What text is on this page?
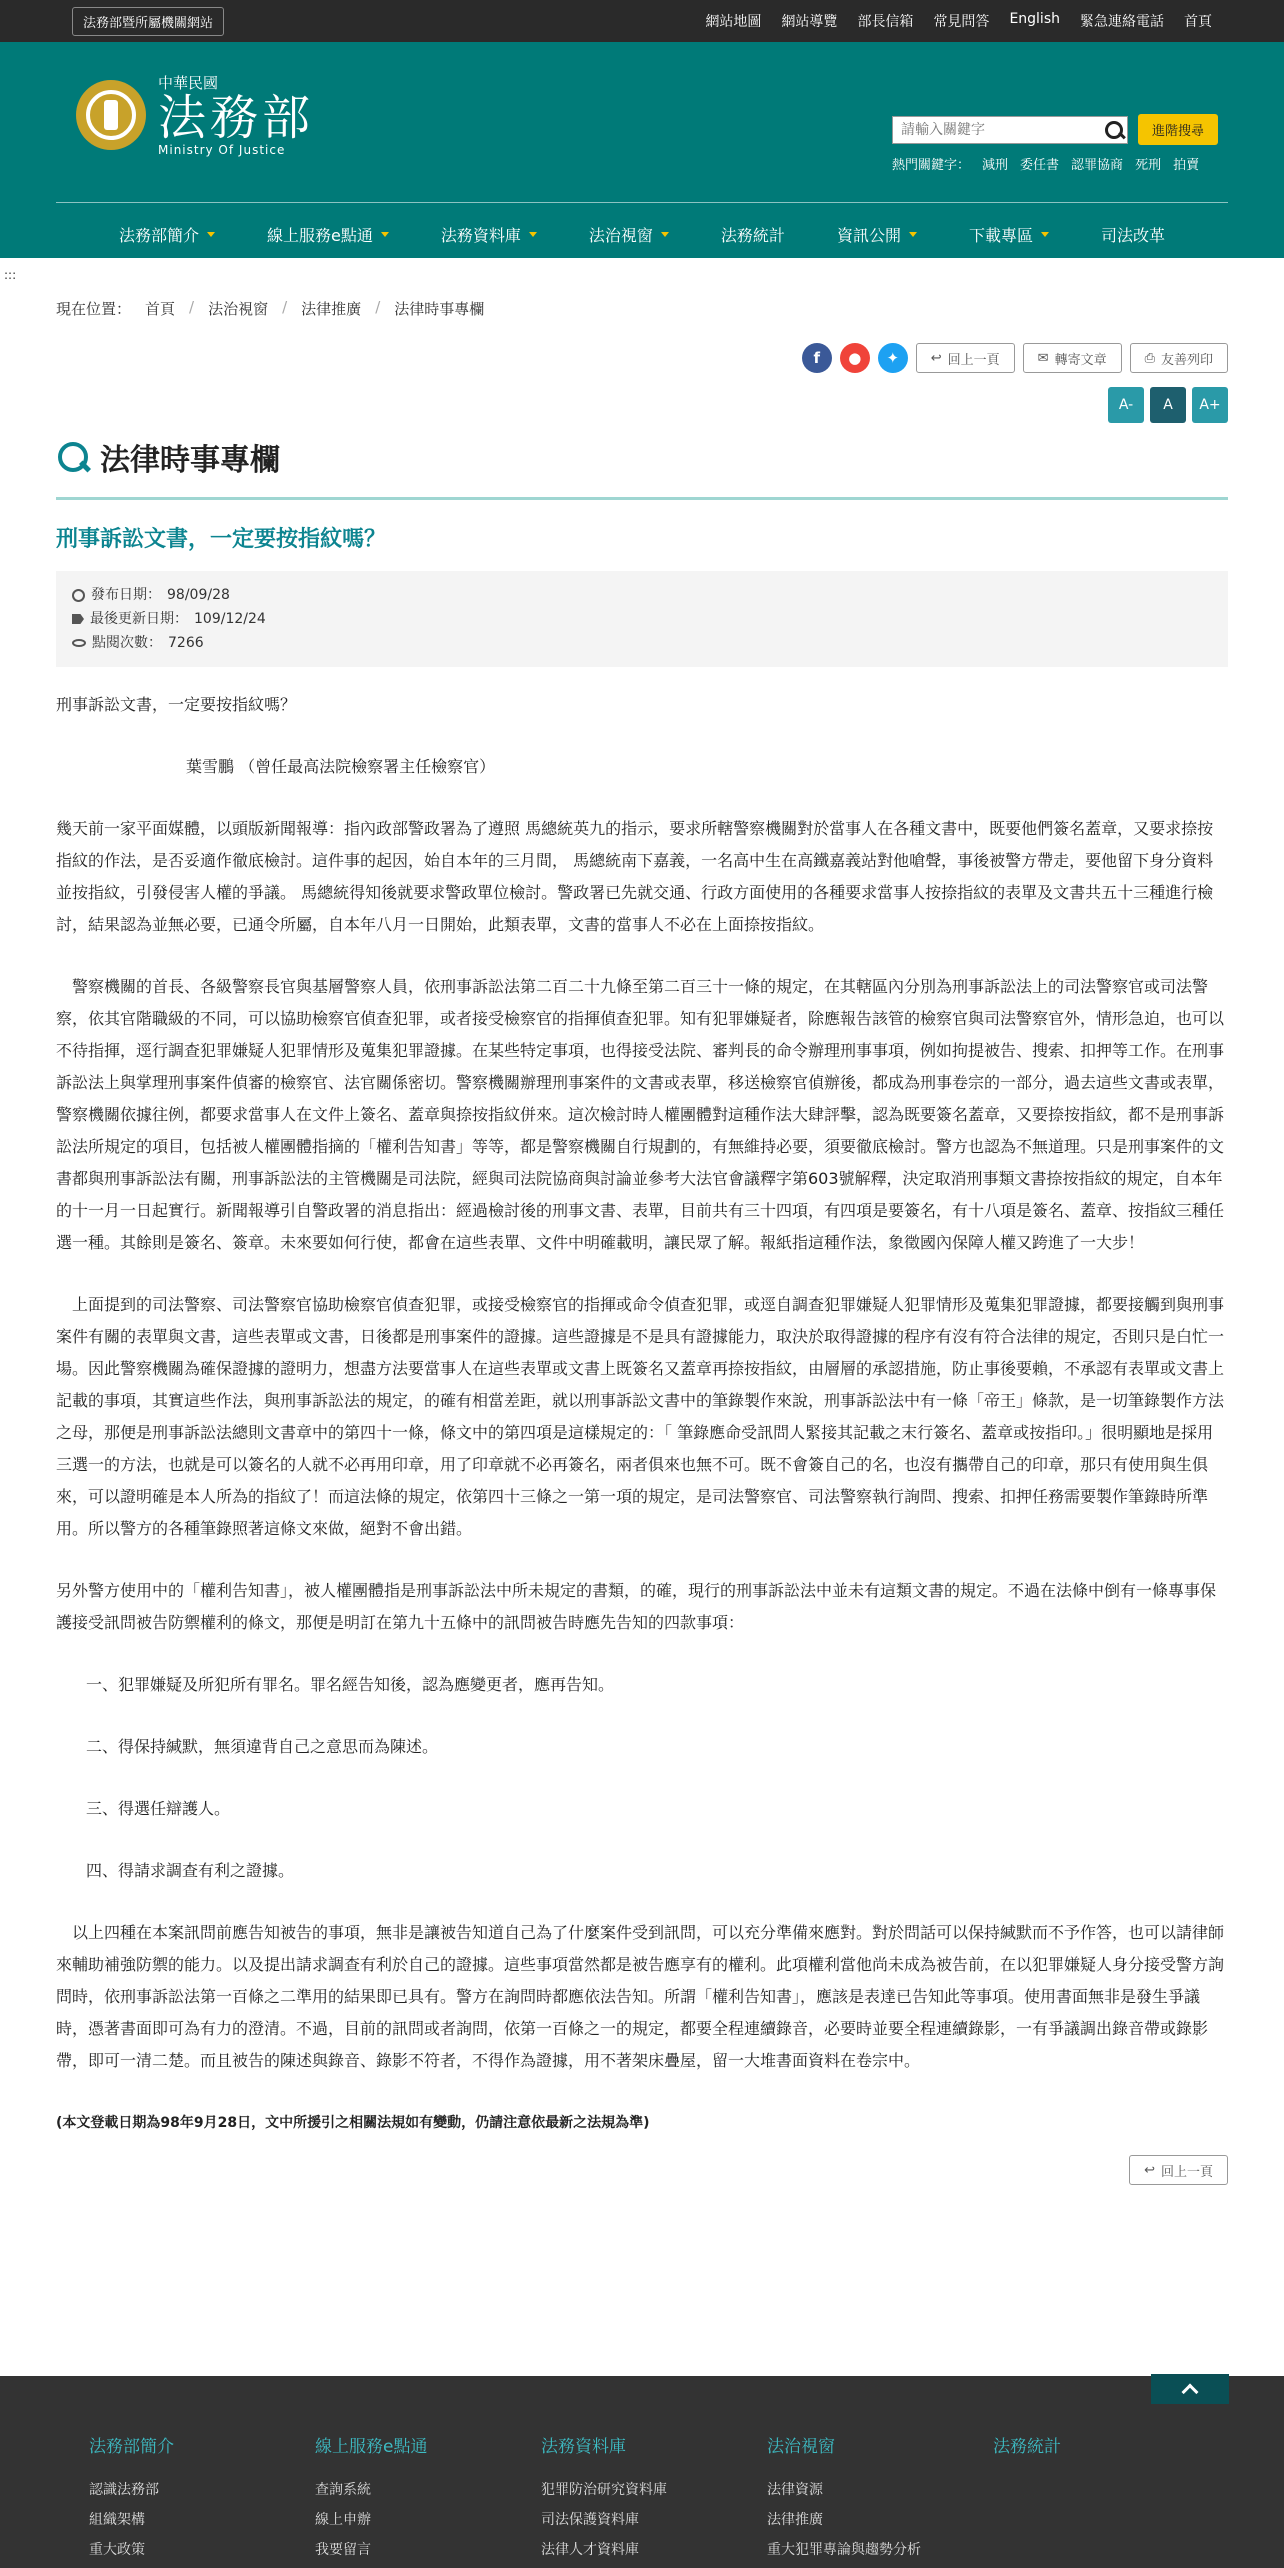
法務部暨所屬機關網站	網站地圖 網站導覽 部長信箱 常見問答 English 緊急連絡電話 首頁
中華民國
法務部
Ministry Of Justice
請輸入關鍵字
進階搜尋
熱門關鍵字： 減刑 委任書 認罪協商 死刑 拍賣
法務部簡介	線上服務e點通	法務資料庫	法治視窗	法務統計	資訊公開	下載專區	司法改革
:::
現在位置： 首頁 / 法治視窗 / 法律推廣 / 法律時事專欄
f	●	✦	↩ 回上一頁	✉ 轉寄文章	⎙ 友善列印
A-	A	A+
法律時事專欄
刑事訴訟文書，一定要按指紋嗎？
發布日期： 98/09/28
最後更新日期： 109/12/24
點閱次數： 7266

刑事訴訟文書，一定要按指紋嗎？

葉雪鵬 （曾任最高法院檢察署主任檢察官）

幾天前一家平面媒體，以頭版新聞報導：指內政部警政署為了遵照 馬總統英九的指示，要求所轄警察機關對於當事人在各種文書中，既要他們簽名蓋章，又要求捺按指紋的作法，是否妥適作徹底檢討。這件事的起因，始自本年的三月間， 馬總統南下嘉義，一名高中生在高鐵嘉義站對他嗆聲，事後被警方帶走，要他留下身分資料並按指紋，引發侵害人權的爭議。 馬總統得知後就要求警政單位檢討。警政署已先就交通、行政方面使用的各種要求當事人按捺指紋的表單及文書共五十三種進行檢討，結果認為並無必要，已通令所屬，自本年八月一日開始，此類表單，文書的當事人不必在上面捺按指紋。

警察機關的首長、各級警察長官與基層警察人員，依刑事訴訟法第二百二十九條至第二百三十一條的規定，在其轄區內分別為刑事訴訟法上的司法警察官或司法警察，依其官階職級的不同，可以協助檢察官偵查犯罪，或者接受檢察官的指揮偵查犯罪。知有犯罪嫌疑者，除應報告該管的檢察官與司法警察官外，情形急迫，也可以不待指揮，逕行調查犯罪嫌疑人犯罪情形及蒐集犯罪證據。在某些特定事項，也得接受法院、審判長的命令辦理刑事事項，例如拘提被告、搜索、扣押等工作。在刑事訴訟法上與掌理刑事案件偵審的檢察官、法官關係密切。警察機關辦理刑事案件的文書或表單，移送檢察官偵辦後，都成為刑事卷宗的一部分，過去這些文書或表單，警察機關依據往例，都要求當事人在文件上簽名、蓋章與捺按指紋併來。這次檢討時人權團體對這種作法大肆評擊，認為既要簽名蓋章，又要捺按指紋，都不是刑事訴訟法所規定的項目，包括被人權團體指摘的「權利告知書」等等，都是警察機關自行規劃的，有無維持必要，須要徹底檢討。警方也認為不無道理。只是刑事案件的文書都與刑事訴訟法有關，刑事訴訟法的主管機關是司法院，經與司法院協商與討論並參考大法官會議釋字第603號解釋，決定取消刑事類文書捺按指紋的規定，自本年的十一月一日起實行。新聞報導引自警政署的消息指出：經過檢討後的刑事文書、表單，目前共有三十四項，有四項是要簽名，有十八項是簽名、蓋章、按指紋三種任選一種。其餘則是簽名、簽章。未來要如何行使，都會在這些表單、文件中明確載明，讓民眾了解。報紙指這種作法，象徵國內保障人權又跨進了一大步！

上面提到的司法警察、司法警察官協助檢察官偵查犯罪，或接受檢察官的指揮或命令偵查犯罪，或逕自調查犯罪嫌疑人犯罪情形及蒐集犯罪證據，都要接觸到與刑事案件有關的表單與文書，這些表單或文書，日後都是刑事案件的證據。這些證據是不是具有證據能力，取決於取得證據的程序有沒有符合法律的規定，否則只是白忙一場。因此警察機關為確保證據的證明力，想盡方法要當事人在這些表單或文書上既簽名又蓋章再捺按指紋，由層層的承認措施，防止事後要賴，不承認有表單或文書上記載的事項，其實這些作法，與刑事訴訟法的規定，的確有相當差距，就以刑事訴訟文書中的筆錄製作來說，刑事訴訟法中有一條「帝王」條款，是一切筆錄製作方法之母，那便是刑事訴訟法總則文書章中的第四十一條，條文中的第四項是這樣規定的：「 筆錄應命受訊問人緊接其記載之末行簽名、蓋章或按指印。」很明顯地是採用三選一的方法，也就是可以簽名的人就不必再用印章，用了印章就不必再簽名，兩者俱來也無不可。既不會簽自己的名，也沒有攜帶自己的印章，那只有使用與生俱來，可以證明確是本人所為的指紋了！而這法條的規定，依第四十三條之一第一項的規定，是司法警察官、司法警察執行詢問、搜索、扣押任務需要製作筆錄時所準用。所以警方的各種筆錄照著這條文來做，絕對不會出錯。

另外警方使用中的「權利告知書」，被人權團體指是刑事訴訟法中所未規定的書類，的確，現行的刑事訴訟法中並未有這類文書的規定。不過在法條中倒有一條專事保護接受訊問被告防禦權利的條文，那便是明訂在第九十五條中的訊問被告時應先告知的四款事項：

一、犯罪嫌疑及所犯所有罪名。罪名經告知後，認為應變更者，應再告知。

二、得保持緘默，無須違背自己之意思而為陳述。

三、得選任辯護人。

四、得請求調查有利之證據。

以上四種在本案訊問前應告知被告的事項，無非是讓被告知道自己為了什麼案件受到訊問，可以充分準備來應對。對於問話可以保持緘默而不予作答，也可以請律師來輔助補強防禦的能力。以及提出請求調查有利於自己的證據。這些事項當然都是被告應享有的權利。此項權利當他尚未成為被告前，在以犯罪嫌疑人身分接受警方詢問時，依刑事訴訟法第一百條之二準用的結果即已具有。警方在詢問時都應依法告知。所謂「權利告知書」，應該是表達已告知此等事項。使用書面無非是發生爭議時，憑著書面即可為有力的澄清。不過，目前的訊問或者詢問，依第一百條之一的規定，都要全程連續錄音，必要時並要全程連續錄影，一有爭議調出錄音帶或錄影帶，即可一清二楚。而且被告的陳述與錄音、錄影不符者，不得作為證據，用不著架床疊屋，留一大堆書面資料在卷宗中。

(本文登載日期為98年9月28日，文中所援引之相關法規如有變動，仍請注意依最新之法規為準)

↩ 回上一頁
法務部簡介
認識法務部
組織架構
重大政策
線上服務e點通
查詢系統
線上申辦
我要留言
法務資料庫
犯罪防治研究資料庫
司法保護資料庫
法律人才資料庫
法治視窗
法律資源
法律推廣
重大犯罪專論與趨勢分析
法務統計
